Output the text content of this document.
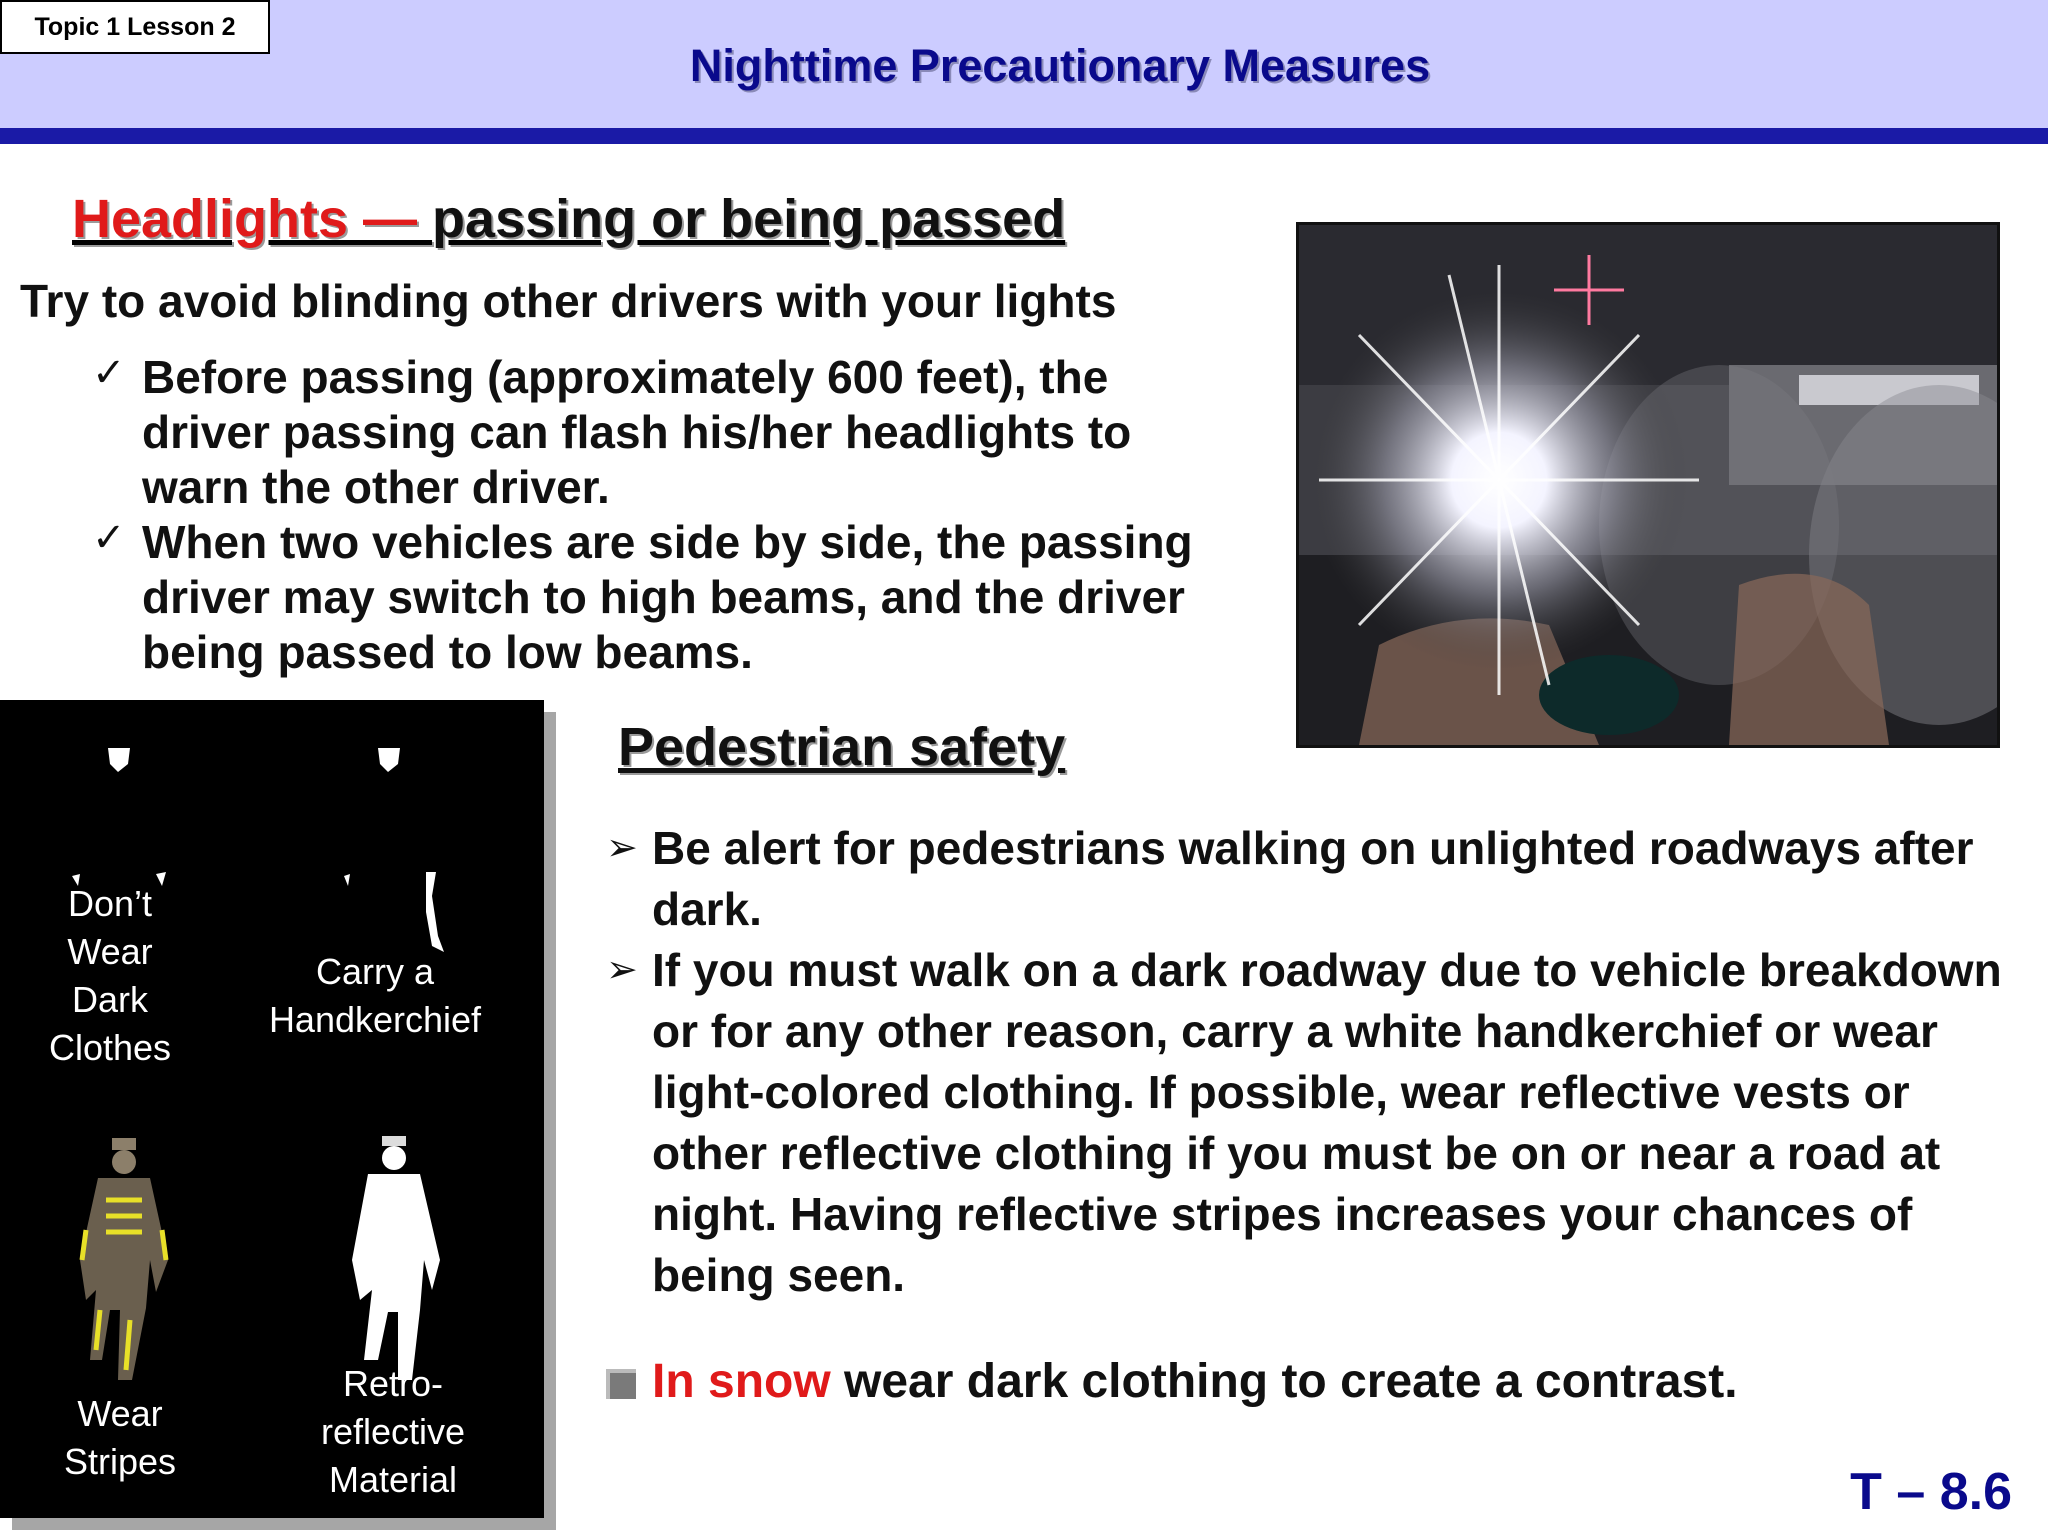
Topic 1 Lesson 2
Nighttime Precautionary Measures
Headlights — passing or being passed
Try to avoid blinding other drivers with your lights
✓ Before passing (approximately 600 feet), the driver passing can flash his/her headlights to warn the other driver.
✓ When two vehicles are side by side, the passing driver may switch to high beams, and the driver being passed to low beams.
Don’t Wear Dark Clothes
Carry a Handkerchief
Wear Stripes
Retro-reflective Material
Pedestrian safety
➢ Be alert for pedestrians walking on unlighted roadways after dark.
➢ If you must walk on a dark roadway due to vehicle breakdown or for any other reason, carry a white handkerchief or wear light-colored clothing. If possible, wear reflective vests or other reflective clothing if you must be on or near a road at night. Having reflective stripes increases your chances of being seen.
In snow wear dark clothing to create a contrast.
T – 8.6
